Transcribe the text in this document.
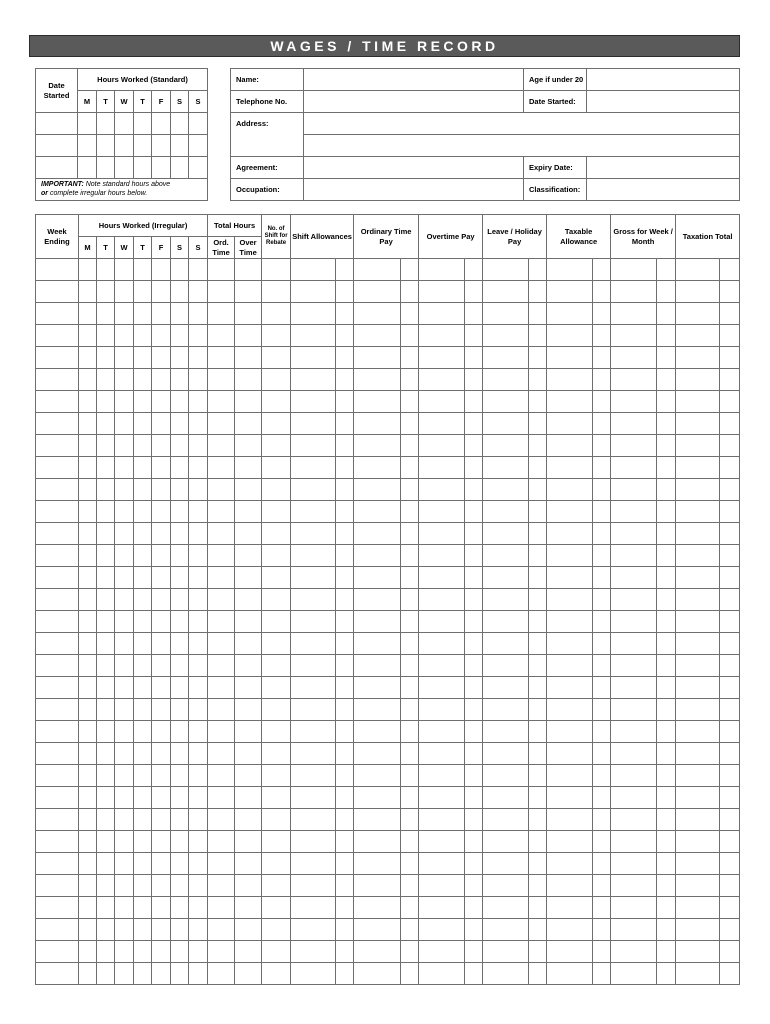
WAGES / TIME RECORD
Date Started	Hours Worked (Standard)						
	M	T	W	T	F	S	S

IMPORTANT: Note standard hours above
or complete irregular hours below.							
Name:		Age if under 20	
Telephone No.		Date Started:	
Address:			

Agreement:		Expiry Date:	
Occupation:		Classification:	
Week Ending	Hours Worked (Irregular)							Total Hours		No. of Shift for Rebate	Shift Allowances		Ordinary Time Pay		Overtime Pay		Leave / Holiday Pay		Taxable Allowance		Gross for Week / Month		Taxation Total	
	M	T	W	T	F	S	S	Ord. Time	Over Time															
